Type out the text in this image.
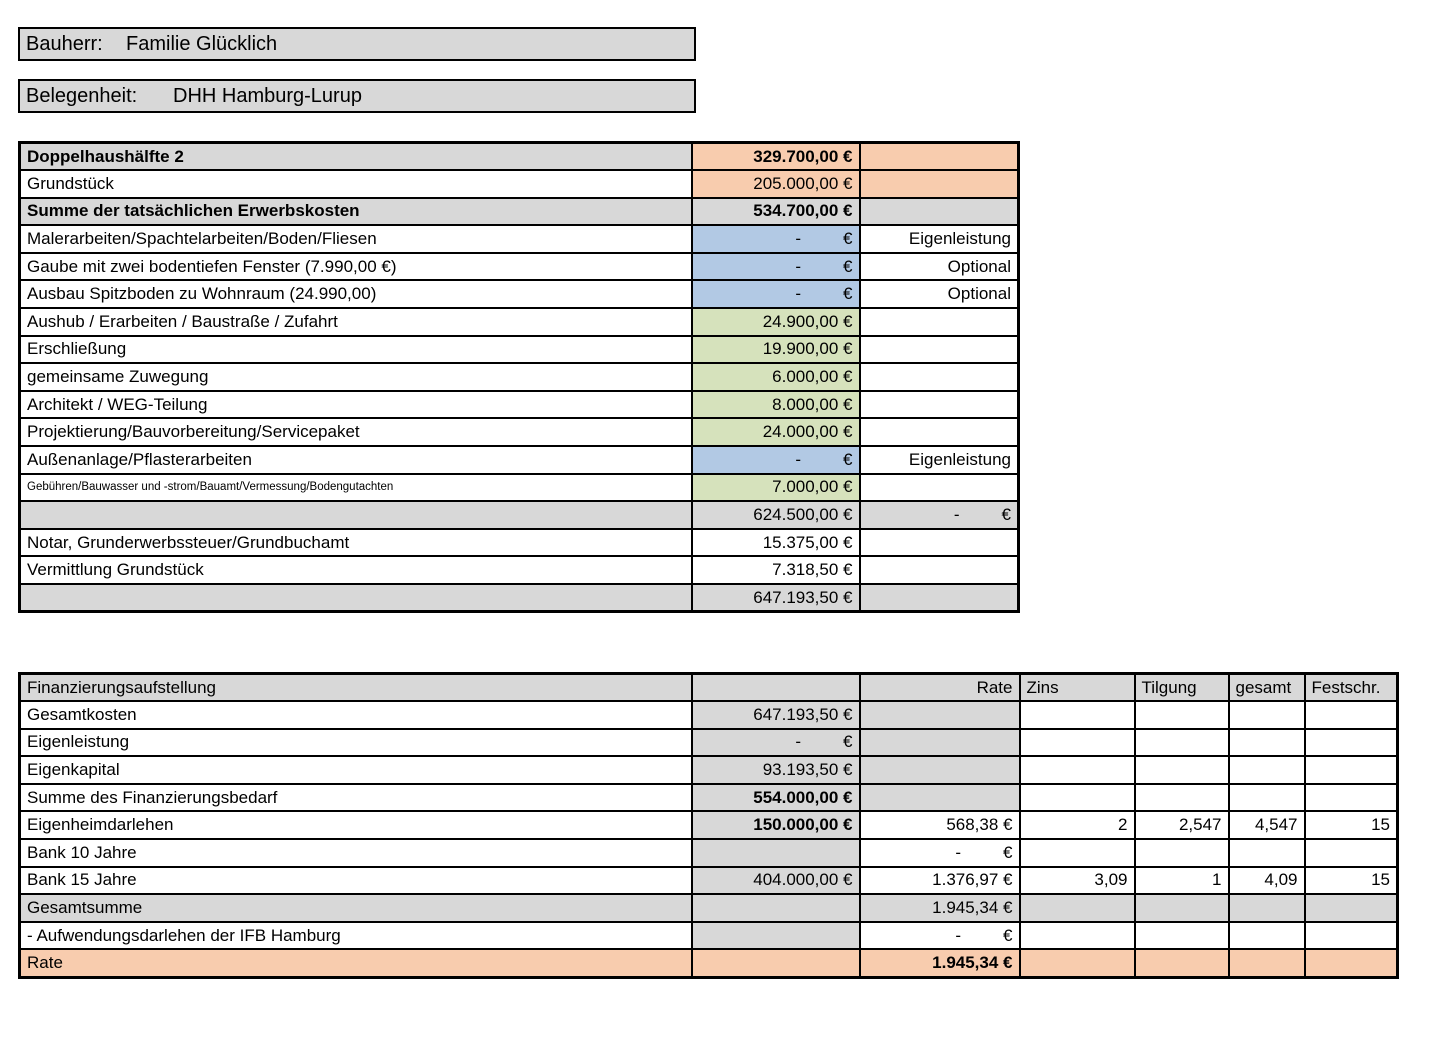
Bauherr:	Familie Glücklich
Belegenheit:	DHH Hamburg-Lurup
Doppelhaushälfte 2	329.700,00 €	
Grundstück	205.000,00 €	
Summe der tatsächlichen Erwerbskosten	534.700,00 €	
Malerarbeiten/Spachtelarbeiten/Boden/Fliesen	- €	Eigenleistung
Gaube mit zwei bodentiefen Fenster (7.990,00 €)	- €	Optional
Ausbau Spitzboden zu Wohnraum (24.990,00)	- €	Optional
Aushub / Erarbeiten / Baustraße / Zufahrt	24.900,00 €	
Erschließung	19.900,00 €	
gemeinsame Zuwegung	6.000,00 €	
Architekt / WEG-Teilung	8.000,00 €	
Projektierung/Bauvorbereitung/Servicepaket	24.000,00 €	
Außenanlage/Pflasterarbeiten	- €	Eigenleistung
Gebühren/Bauwasser und -strom/Bauamt/Vermessung/Bodengutachten	7.000,00 €	
	624.500,00 €	- €
Notar, Grunderwerbssteuer/Grundbuchamt	15.375,00 €	
Vermittlung Grundstück	7.318,50 €	
	647.193,50 €	
Finanzierungsaufstellung		Rate	Zins	Tilgung	gesamt	Festschr.
Gesamtkosten	647.193,50 €					
Eigenleistung	- €					
Eigenkapital	93.193,50 €					
Summe des Finanzierungsbedarf	554.000,00 €					
Eigenheimdarlehen	150.000,00 €	568,38 €	2	2,547	4,547	15
Bank 10 Jahre		- €				
Bank 15 Jahre	404.000,00 €	1.376,97 €	3,09	1	4,09	15
Gesamtsumme		1.945,34 €				
- Aufwendungsdarlehen der IFB Hamburg		- €				
Rate		1.945,34 €				
